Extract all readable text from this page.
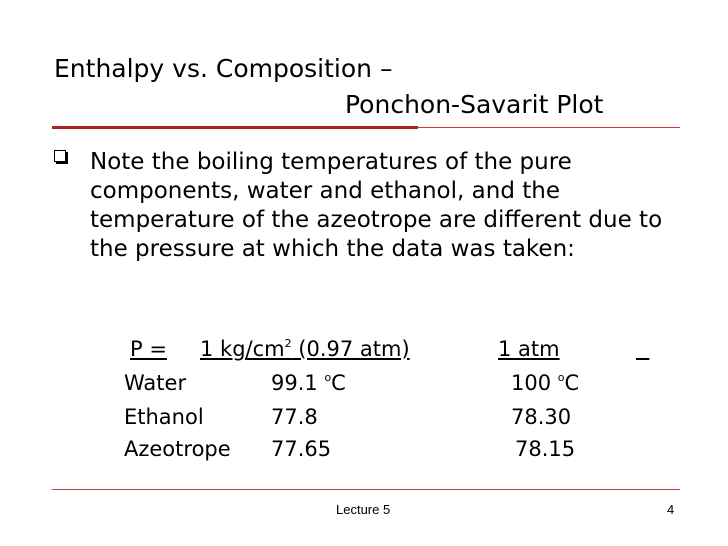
Enthalpy vs. Composition –
Ponchon-Savarit Plot
Note the boiling temperatures of the pure components, water and ethanol, and the temperature of the azeotrope are different due to the pressure at which the data was taken:
P = 1 $kg/cm^2$ (0.97 atm)	1 atm

Water	99.1 $^o$C	100 $^o$C
Ethanol	77.8	78.30
Azeotrope 77.65	78.15
Lecture 5	4
